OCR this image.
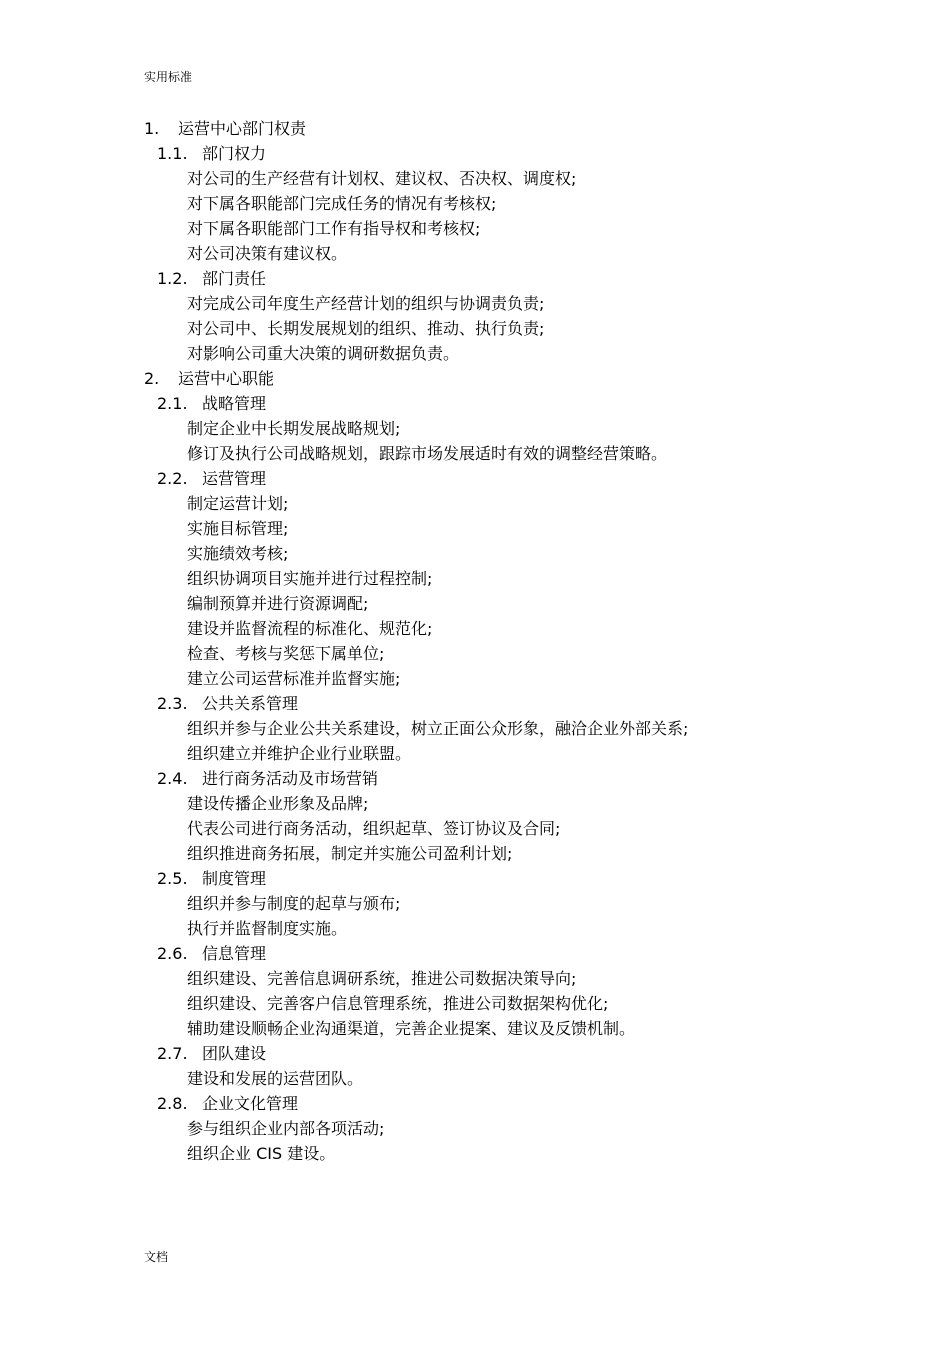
实用标准
1. 运营中心部门权责
1.1. 部门权力
对公司的生产经营有计划权、建议权、否决权、调度权;
对下属各职能部门完成任务的情况有考核权;
对下属各职能部门工作有指导权和考核权;
对公司决策有建议权。
1.2. 部门责任
对完成公司年度生产经营计划的组织与协调责负责;
对公司中、长期发展规划的组织、推动、执行负责;
对影响公司重大决策的调研数据负责。
2. 运营中心职能
2.1. 战略管理
制定企业中长期发展战略规划;
修订及执行公司战略规划，跟踪市场发展适时有效的调整经营策略。
2.2. 运营管理
制定运营计划;
实施目标管理;
实施绩效考核;
组织协调项目实施并进行过程控制;
编制预算并进行资源调配;
建设并监督流程的标准化、规范化;
检查、考核与奖惩下属单位;
建立公司运营标准并监督实施;
2.3. 公共关系管理
组织并参与企业公共关系建设，树立正面公众形象，融洽企业外部关系;
组织建立并维护企业行业联盟。
2.4. 进行商务活动及市场营销
建设传播企业形象及品牌;
代表公司进行商务活动，组织起草、签订协议及合同;
组织推进商务拓展，制定并实施公司盈利计划;
2.5. 制度管理
组织并参与制度的起草与颁布;
执行并监督制度实施。
2.6. 信息管理
组织建设、完善信息调研系统，推进公司数据决策导向;
组织建设、完善客户信息管理系统，推进公司数据架构优化;
辅助建设顺畅企业沟通渠道，完善企业提案、建议及反馈机制。
2.7. 团队建设
建设和发展的运营团队。
2.8. 企业文化管理
参与组织企业内部各项活动;
组织企业 CIS 建设。
文档
